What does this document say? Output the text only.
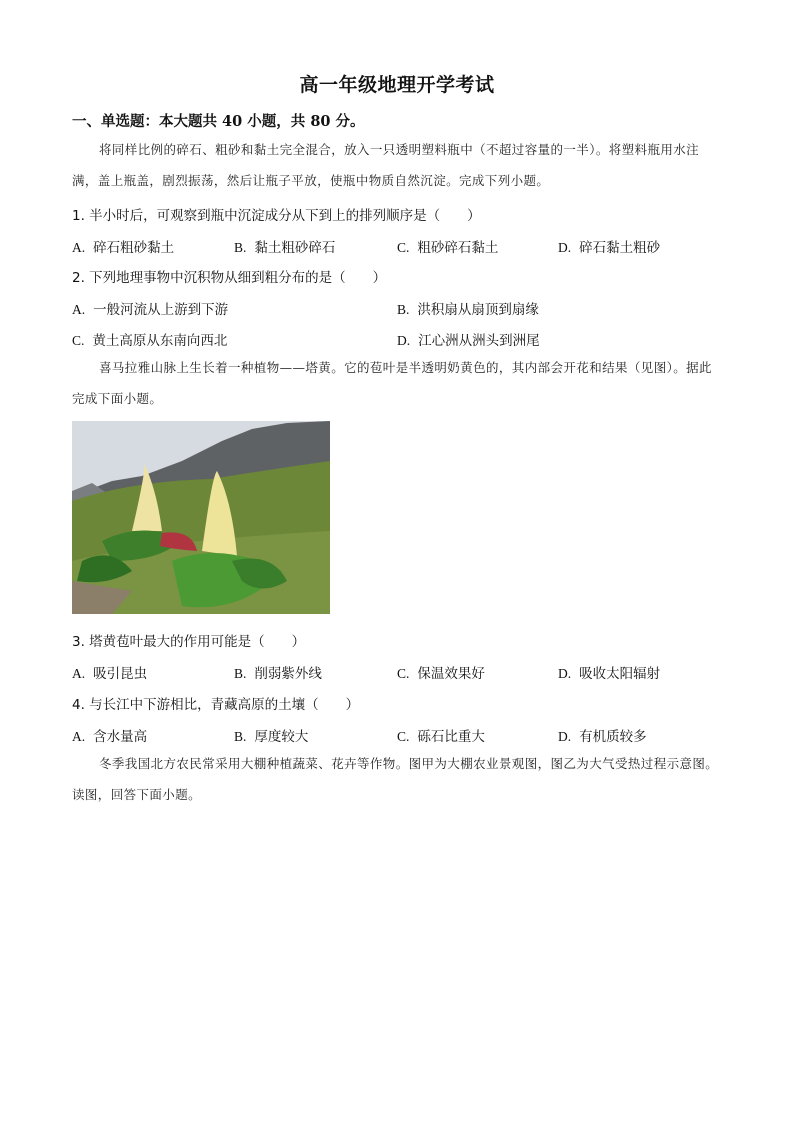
高一年级地理开学考试
一、单选题：本大题共 40 小题，共 80 分。
将同样比例的碎石、粗砂和黏土完全混合，放入一只透明塑料瓶中（不超过容量的一半）。将塑料瓶用水注满，盖上瓶盖，剧烈振荡，然后让瓶子平放，使瓶中物质自然沉淀。完成下列小题。
1. 半小时后，可观察到瓶中沉淀成分从下到上的排列顺序是（　　）
A. 碎石粗砂黏土	B. 黏土粗砂碎石	C. 粗砂碎石黏土	D. 碎石黏土粗砂
2. 下列地理事物中沉积物从细到粗分布的是（　　）
A. 一般河流从上游到下游	B. 洪积扇从扇顶到扇缘
C. 黄土高原从东南向西北	D. 江心洲从洲头到洲尾
喜马拉雅山脉上生长着一种植物——塔黄。它的苞叶是半透明奶黄色的，其内部会开花和结果（见图）。据此完成下面小题。
3. 塔黄苞叶最大的作用可能是（　　）
A. 吸引昆虫	B. 削弱紫外线	C. 保温效果好	D. 吸收太阳辐射
4. 与长江中下游相比，青藏高原的土壤（　　）
A. 含水量高	B. 厚度较大	C. 砾石比重大	D. 有机质较多
冬季我国北方农民常采用大棚种植蔬菜、花卉等作物。图甲为大棚农业景观图，图乙为大气受热过程示意图。读图，回答下面小题。
